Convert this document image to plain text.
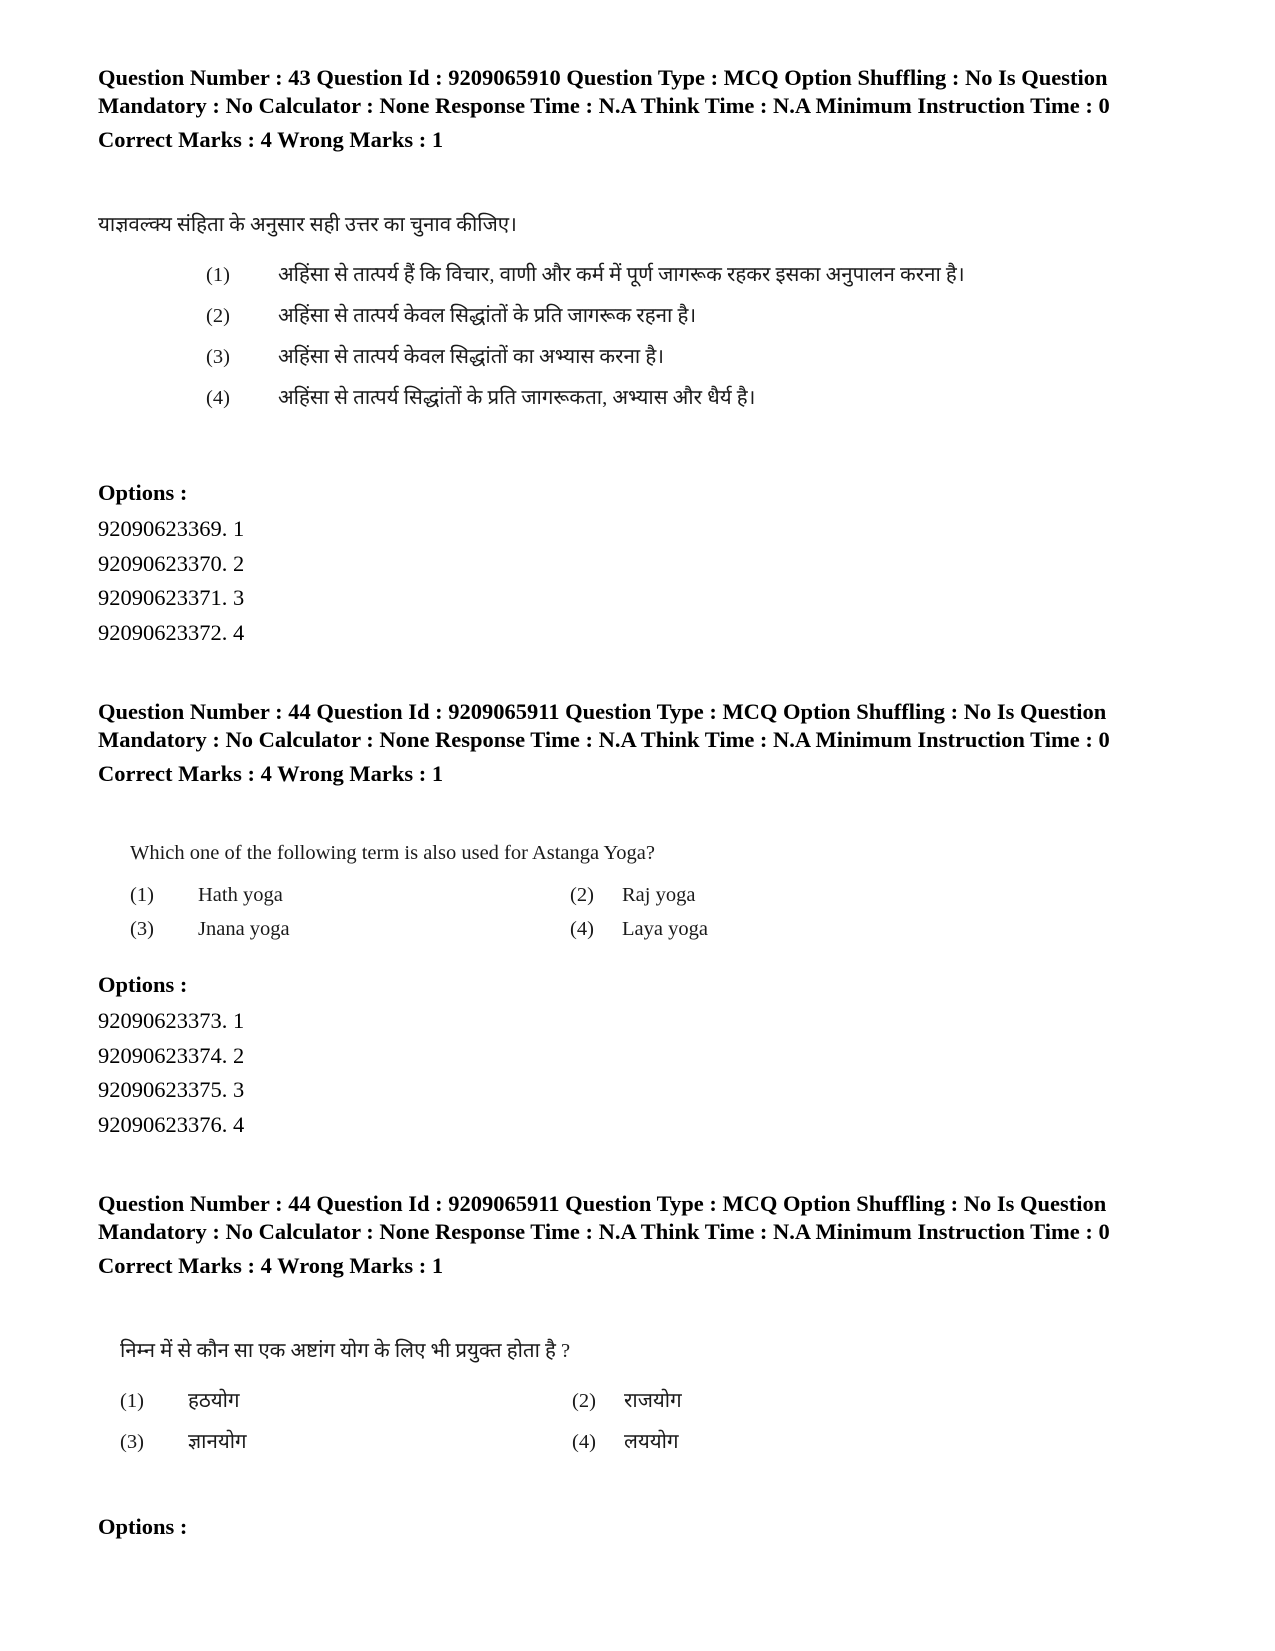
Question Number : 43 Question Id : 9209065910 Question Type : MCQ Option Shuffling : No Is Question Mandatory : No Calculator : None Response Time : N.A Think Time : N.A Minimum Instruction Time : 0
Correct Marks : 4 Wrong Marks : 1
याज्ञवल्क्य संहिता के अनुसार सही उत्तर का चुनाव कीजिए।
(1) अहिंसा से तात्पर्य हैं कि विचार, वाणी और कर्म में पूर्ण जागरूक रहकर इसका अनुपालन करना है।
(2) अहिंसा से तात्पर्य केवल सिद्धांतों के प्रति जागरूक रहना है।
(3) अहिंसा से तात्पर्य केवल सिद्धांतों का अभ्यास करना है।
(4) अहिंसा से तात्पर्य सिद्धांतों के प्रति जागरूकता, अभ्यास और धैर्य है।
Options :
92090623369. 1
92090623370. 2
92090623371. 3
92090623372. 4
Question Number : 44 Question Id : 9209065911 Question Type : MCQ Option Shuffling : No Is Question Mandatory : No Calculator : None Response Time : N.A Think Time : N.A Minimum Instruction Time : 0
Correct Marks : 4 Wrong Marks : 1
Which one of the following term is also used for Astanga Yoga?
(1) Hath yoga	(2) Raj yoga
(3) Jnana yoga	(4) Laya yoga
Options :
92090623373. 1
92090623374. 2
92090623375. 3
92090623376. 4
Question Number : 44 Question Id : 9209065911 Question Type : MCQ Option Shuffling : No Is Question Mandatory : No Calculator : None Response Time : N.A Think Time : N.A Minimum Instruction Time : 0
Correct Marks : 4 Wrong Marks : 1
निम्न में से कौन सा एक अष्टांग योग के लिए भी प्रयुक्त होता है ?
(1) हठयोग	(2) राजयोग
(3) ज्ञानयोग	(4) लययोग
Options :
